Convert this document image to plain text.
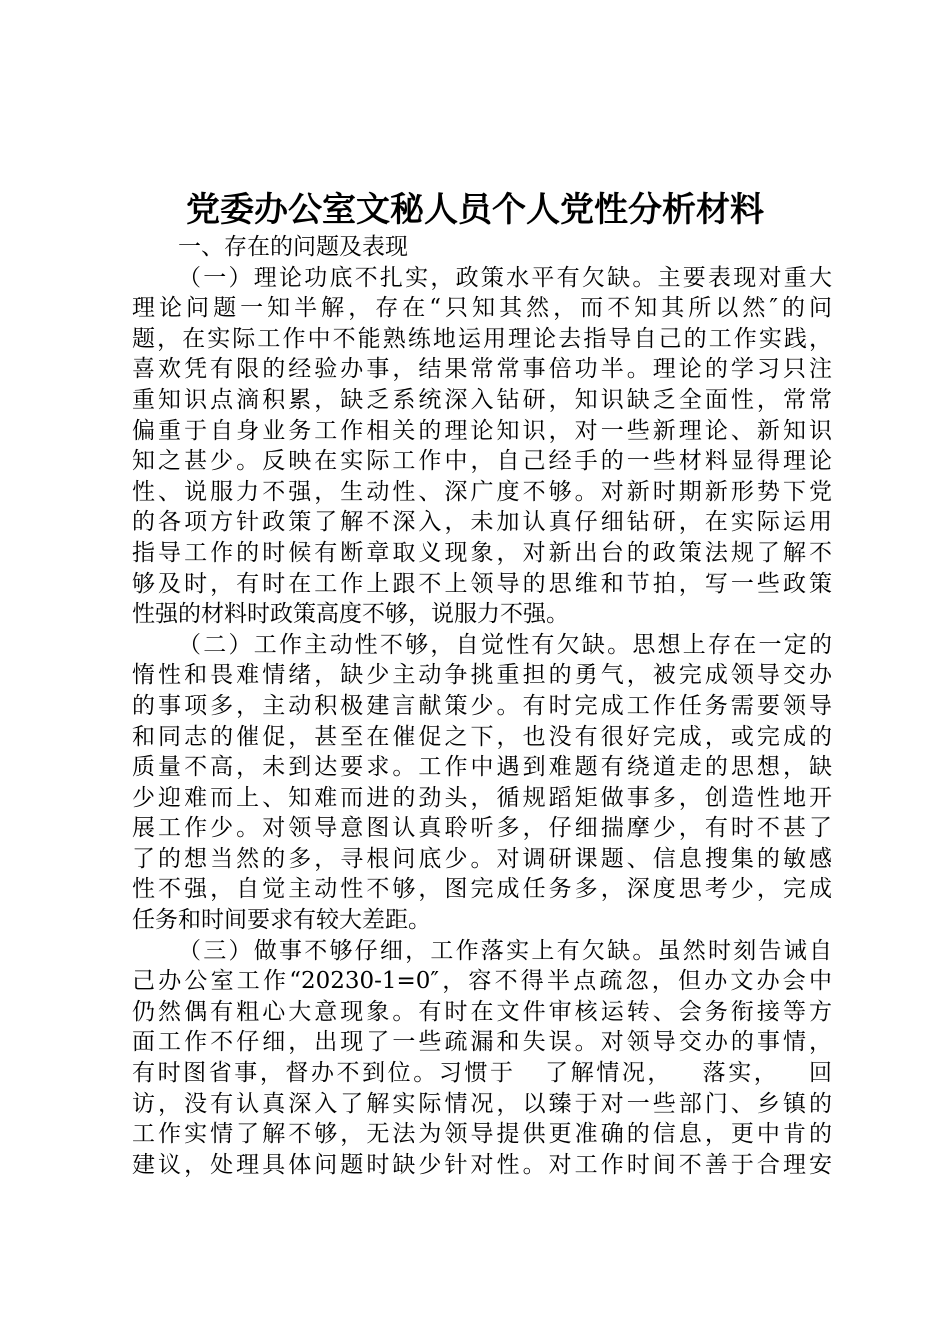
党委办公室文秘人员个人党性分析材料
一、存在的问题及表现
（一）理论功底不扎实，政策水平有欠缺。主要表现对重大
理论问题一知半解，存在“只知其然，而不知其所以然″的问
题，在实际工作中不能熟练地运用理论去指导自己的工作实践，
喜欢凭有限的经验办事，结果常常事倍功半。理论的学习只注
重知识点滴积累，缺乏系统深入钻研，知识缺乏全面性，常常
偏重于自身业务工作相关的理论知识，对一些新理论、新知识
知之甚少。反映在实际工作中，自己经手的一些材料显得理论
性、说服力不强，生动性、深广度不够。对新时期新形势下党
的各项方针政策了解不深入，未加认真仔细钻研，在实际运用
指导工作的时候有断章取义现象，对新出台的政策法规了解不
够及时，有时在工作上跟不上领导的思维和节拍，写一些政策
性强的材料时政策高度不够，说服力不强。
（二）工作主动性不够，自觉性有欠缺。思想上存在一定的
惰性和畏难情绪，缺少主动争挑重担的勇气，被完成领导交办
的事项多，主动积极建言献策少。有时完成工作任务需要领导
和同志的催促，甚至在催促之下，也没有很好完成，或完成的
质量不高，未到达要求。工作中遇到难题有绕道走的思想，缺
少迎难而上、知难而进的劲头，循规蹈矩做事多，创造性地开
展工作少。对领导意图认真聆听多，仔细揣摩少，有时不甚了
了的想当然的多，寻根问底少。对调研课题、信息搜集的敏感
性不强，自觉主动性不够，图完成任务多，深度思考少，完成
任务和时间要求有较大差距。
（三）做事不够仔细，工作落实上有欠缺。虽然时刻告诫自
己办公室工作“20230-1=0″，容不得半点疏忽，但办文办会中
仍然偶有粗心大意现象。有时在文件审核运转、会务衔接等方
面工作不仔细，出现了一些疏漏和失误。对领导交办的事情，
有时图省事，督办不到位。习惯于   了解情况，   落实，   回
访，没有认真深入了解实际情况，以臻于对一些部门、乡镇的
工作实情了解不够，无法为领导提供更准确的信息，更中肯的
建议，处理具体问题时缺少针对性。对工作时间不善于合理安
